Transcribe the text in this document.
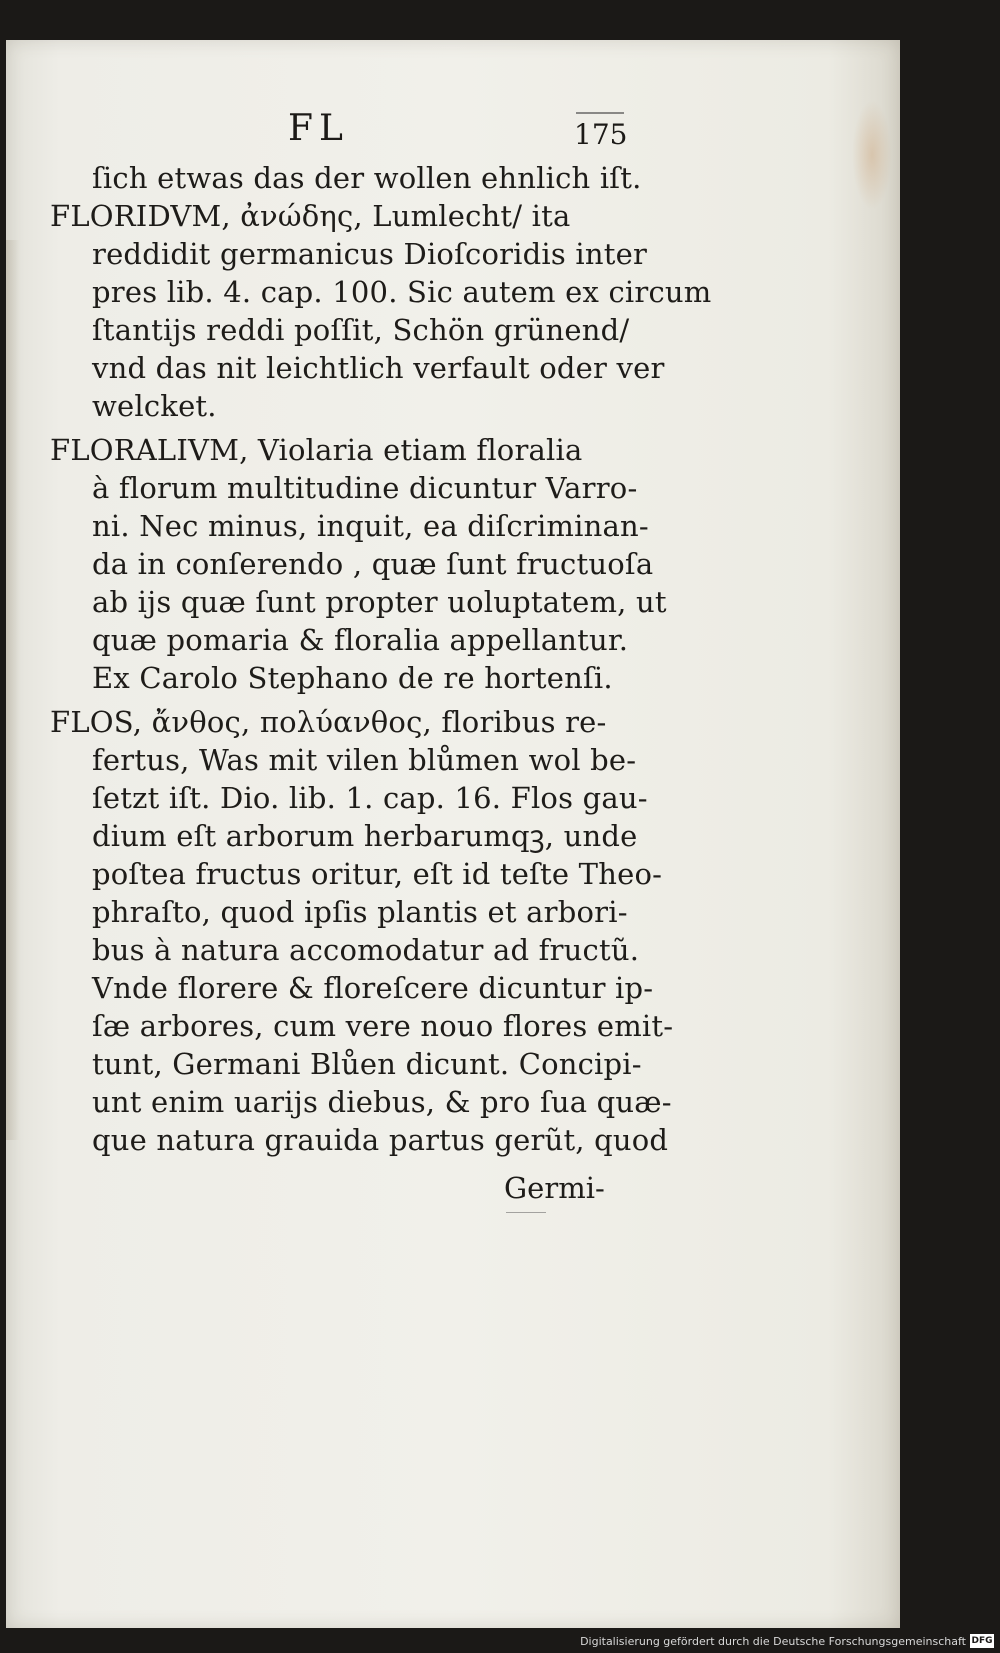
FL	175
ſich etwas das der wollen ehnlich iſt.
FLORIDVM, ἀνώδης, Lumlecht/ ita
reddidit germanicus Dioſcoridis inter
pres lib. 4. cap. 100. Sic autem ex circum
ſtantijs reddi poſſit, Schön grünend/
vnd das nit leichtlich verfault oder ver
welcket.
FLORALIVM, Violaria etiam floralia
à florum multitudine dicuntur Varro-
ni. Nec minus, inquit, ea diſcriminan-
da in conſerendo , quæ ſunt fructuoſa
ab ijs quæ ſunt propter uoluptatem, ut
quæ pomaria & floralia appellantur.
Ex Carolo Stephano de re hortenſi.
FLOS, ἄνθος, πολύανθος, floribus re-
fertus, Was mit vilen blůmen wol be-
ſetzt iſt. Dio. lib. 1. cap. 16. Flos gau-
dium eſt arborum herbarumqꝫ, unde
poſtea fructus oritur, eſt id teſte Theo-
phraſto, quod ipſis plantis et arbori-
bus à natura accomodatur ad fructũ.
Vnde florere & floreſcere dicuntur ip-
ſæ arbores, cum vere nouo flores emit-
tunt, Germani Blůen dicunt. Concipi-
unt enim uarijs diebus, & pro ſua quæ-
que natura grauida partus gerũt, quod
Germi-
Digitalisierung gefördert durch die Deutsche Forschungsgemeinschaft DFG
